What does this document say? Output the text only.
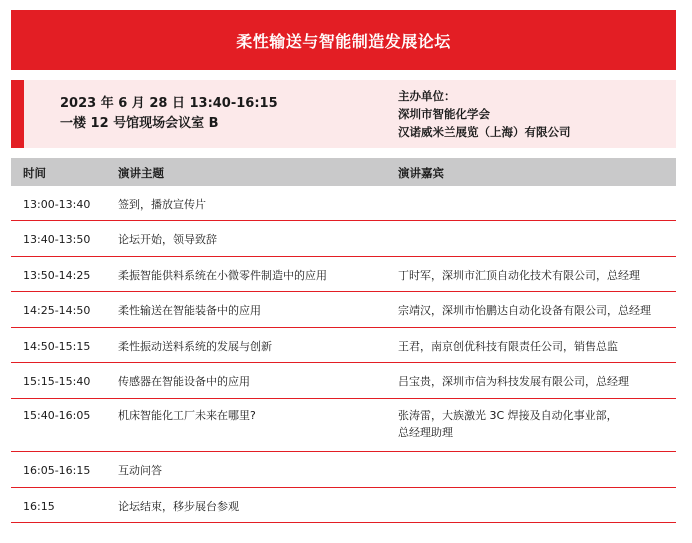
柔性输送与智能制造发展论坛
2023 年 6 月 28 日 13:40-16:15
一楼 12 号馆现场会议室 B
主办单位：
深圳市智能化学会
汉诺威米兰展览（上海）有限公司
时间	演讲主题	演讲嘉宾
13:00-13:40	签到，播放宣传片
13:40-13:50	论坛开始，领导致辞
13:50-14:25	柔振智能供料系统在小微零件制造中的应用	丁时军，深圳市汇顶自动化技术有限公司，总经理
14:25-14:50	柔性输送在智能装备中的应用	宗靖汉，深圳市怡鹏达自动化设备有限公司，总经理
14:50-15:15	柔性振动送料系统的发展与创新	王君，南京创优科技有限责任公司，销售总监
15:15-15:40	传感器在智能设备中的应用	吕宝贵，深圳市信为科技发展有限公司，总经理
15:40-16:05	机床智能化工厂未来在哪里?	张涛雷，大族激光 3C 焊接及自动化事业部，
总经理助理
16:05-16:15	互动问答
16:15	论坛结束，移步展台参观
